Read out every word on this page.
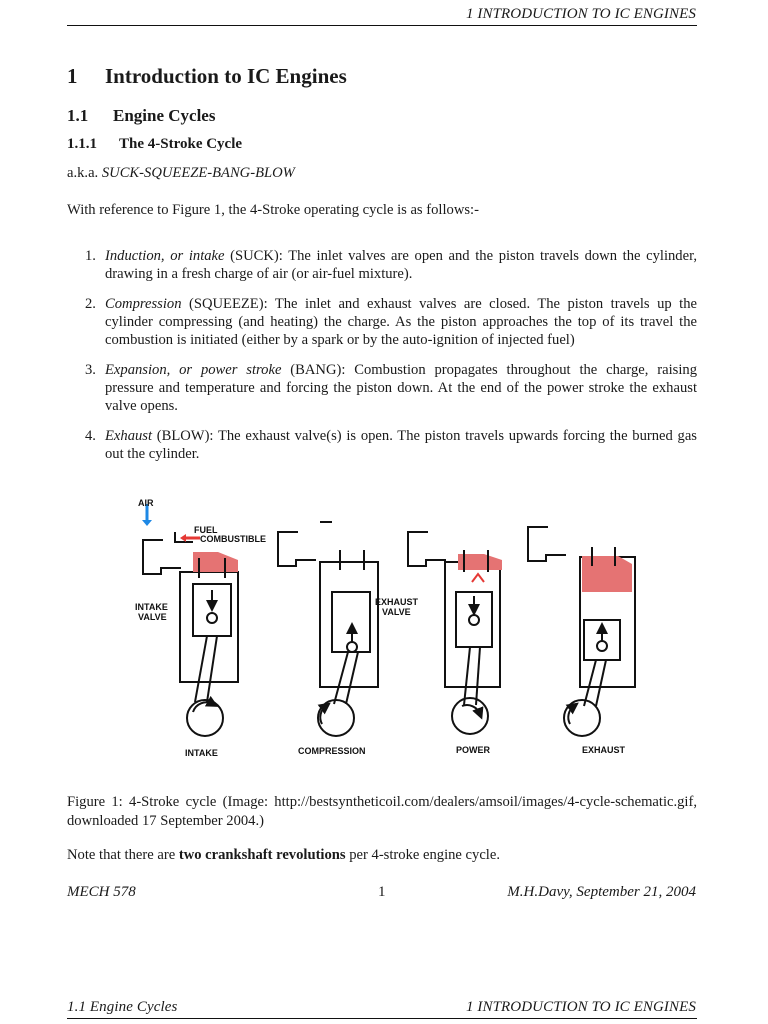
1 INTRODUCTION TO IC ENGINES
1 Introduction to IC Engines
1.1 Engine Cycles
1.1.1 The 4-Stroke Cycle
a.k.a. SUCK-SQUEEZE-BANG-BLOW
With reference to Figure 1, the 4-Stroke operating cycle is as follows:-
1. Induction, or intake (SUCK): The inlet valves are open and the piston travels down the cylinder, drawing in a fresh charge of air (or air-fuel mixture).
2. Compression (SQUEEZE): The inlet and exhaust valves are closed. The piston travels up the cylinder compressing (and heating) the charge. As the piston approaches the top of its travel the combustion is initiated (either by a spark or by the auto-ignition of injected fuel)
3. Expansion, or power stroke (BANG): Combustion propagates throughout the charge, raising pressure and temperature and forcing the piston down. At the end of the power stroke the exhaust valve opens.
4. Exhaust (BLOW): The exhaust valve(s) is open. The piston travels upwards forcing the burned gas out the cylinder.
AIR
FUEL
COMBUSTIBLE
INTAKE
VALVE
EXHAUST
VALVE
INTAKE	COMPRESSION	POWER	EXHAUST
Figure 1: 4-Stroke cycle (Image: http://bestsyntheticoil.com/dealers/amsoil/images/4-cycle-schematic.gif, downloaded 17 September 2004.)
Note that there are two crankshaft revolutions per 4-stroke engine cycle.
MECH 578	1	M.H.Davy, September 21, 2004
1.1 Engine Cycles	1 INTRODUCTION TO IC ENGINES
